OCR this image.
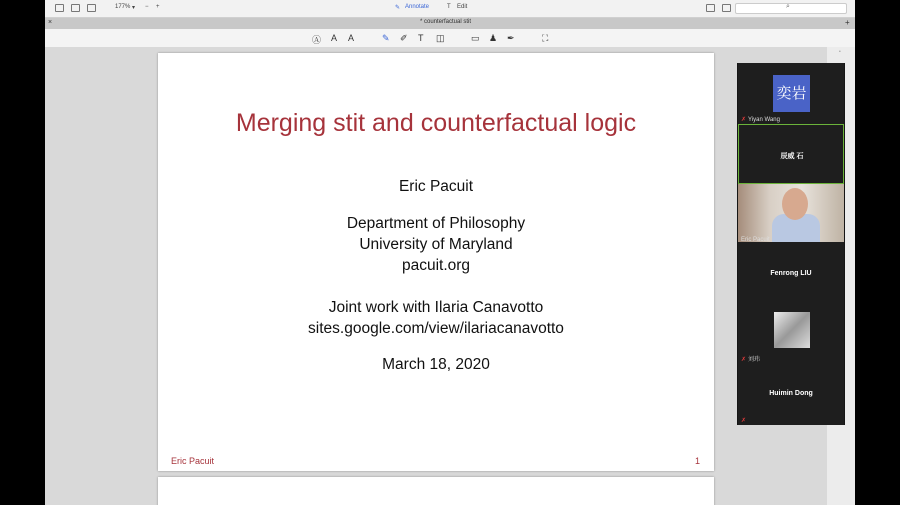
177% ▾ − +	✎ Annotate	T Edit	⌕
×	* counterfactual stit	+
Ⓐ A A	✎ ✐ T ◫	▭ ♟ ✒	⛶
Merging stit and counterfactual logic
Eric Pacuit
Department of Philosophy
University of Maryland
pacuit.org
Joint work with Ilaria Canavotto
sites.google.com/view/ilariacanavotto
March 18, 2020
Eric Pacuit	1
•
奕岩
✗ Yiyan Wang
辰威 石
Eric Pacuit
Fenrong LIU
✗ 刘玮
Huimin Dong
✗
